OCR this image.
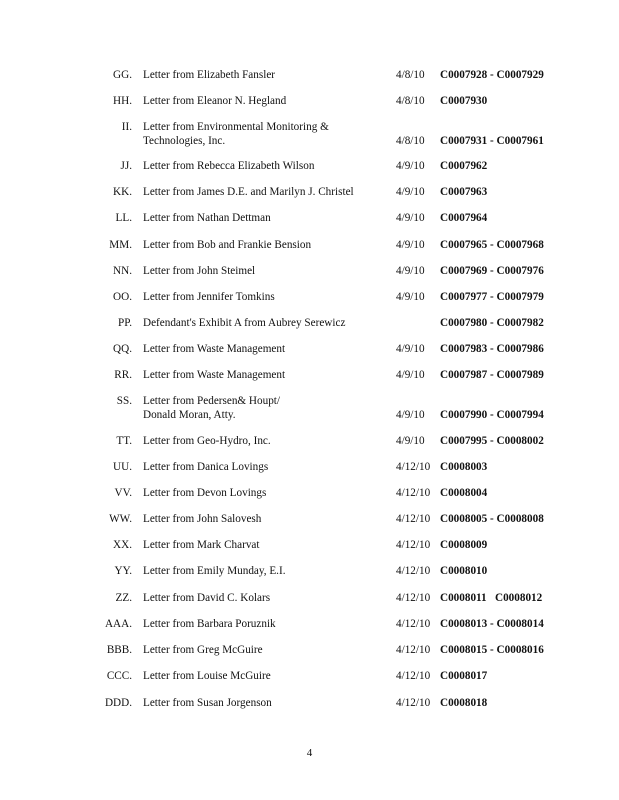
GG. Letter from Elizabeth Fansler	4/8/10 C0007928 - C0007929
HH. Letter from Eleanor N. Hegland	4/8/10 C0007930
II. Letter from Environmental Monitoring &
Technologies, Inc.	4/8/10 C0007931 - C0007961
JJ. Letter from Rebecca Elizabeth Wilson	4/9/10 C0007962
KK. Letter from James D.E. and Marilyn J. Christel	4/9/10 C0007963
LL. Letter from Nathan Dettman	4/9/10 C0007964
MM. Letter from Bob and Frankie Bension	4/9/10 C0007965 - C0007968
NN. Letter from John Steimel	4/9/10 C0007969 - C0007976
OO. Letter from Jennifer Tomkins	4/9/10 C0007977 - C0007979
PP. Defendant's Exhibit A from Aubrey Serewicz	C0007980 - C0007982
QQ. Letter from Waste Management	4/9/10 C0007983 - C0007986
RR. Letter from Waste Management	4/9/10 C0007987 - C0007989
SS. Letter from Pedersen& Houpt/
Donald Moran, Atty.	4/9/10 C0007990 - C0007994
TT. Letter from Geo-Hydro, Inc.	4/9/10 C0007995 - C0008002
UU. Letter from Danica Lovings	4/12/10 C0008003
VV. Letter from Devon Lovings	4/12/10 C0008004
WW. Letter from John Salovesh	4/12/10 C0008005 - C0008008
XX. Letter from Mark Charvat	4/12/10 C0008009
YY. Letter from Emily Munday, E.I.	4/12/10 C0008010
ZZ. Letter from David C. Kolars	4/12/10 C0008011   C0008012
AAA. Letter from Barbara Poruznik	4/12/10 C0008013 - C0008014
BBB. Letter from Greg McGuire	4/12/10 C0008015 - C0008016
CCC. Letter from Louise McGuire	4/12/10 C0008017
DDD. Letter from Susan Jorgenson	4/12/10 C0008018
4
